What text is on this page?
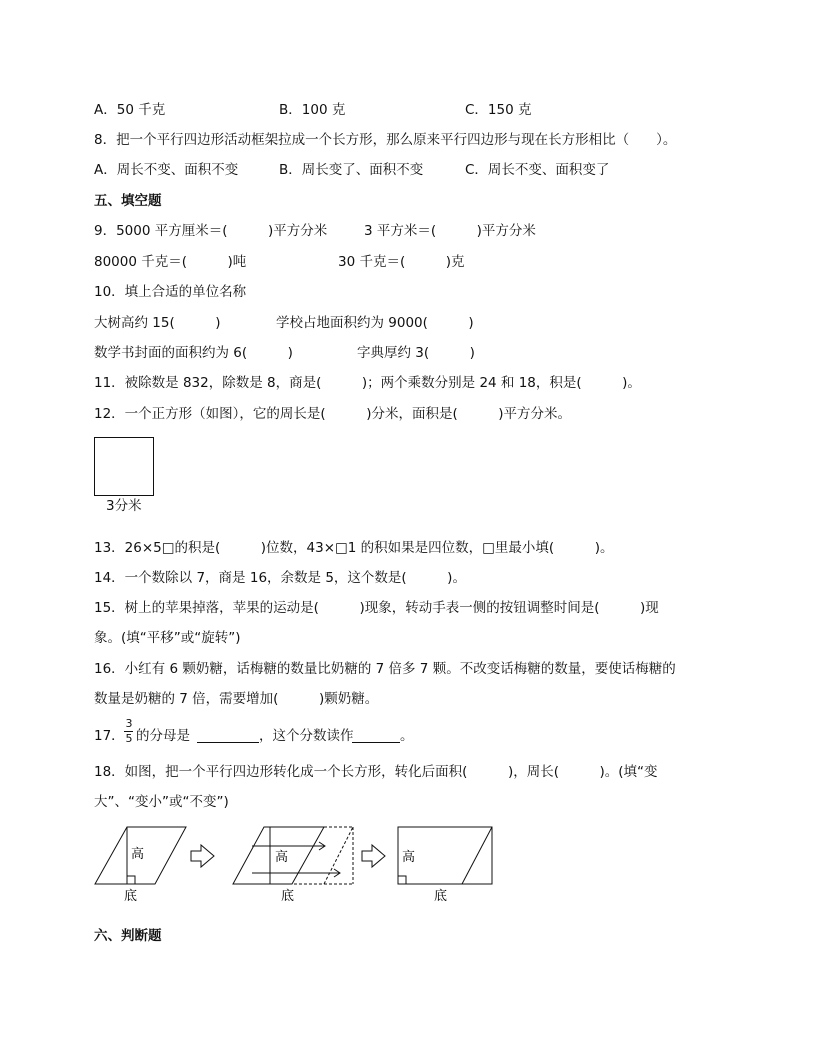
A．50 千克	B．100 克	C．150 克
8．把一个平行四边形活动框架拉成一个长方形，那么原来平行四边形与现在长方形相比（　　）。
A．周长不变、面积不变	B．周长变了、面积不变	C．周长不变、面积变了
五、填空题
9．5000 平方厘米＝(　　　)平方分米	3 平方米＝(　　　)平方分米
80000 千克＝(　　　)吨	30 千克＝(　　　)克
10．填上合适的单位名称
大树高约 15(　　　)	学校占地面积约为 9000(　　　)
数学书封面的面积约为 6(　　　)	字典厚约 3(　　　)
11．被除数是 832，除数是 8，商是(　　　)；两个乘数分别是 24 和 18，积是(　　　)。
12．一个正方形（如图），它的周长是(　　　)分米，面积是(　　　)平方分米。
3分米
13．26×5□的积是(　　　)位数，43×□1 的积如果是四位数，□里最小填(　　　)。
14．一个数除以 7，商是 16，余数是 5，这个数是(　　　)。
15．树上的苹果掉落，苹果的运动是(　　　)现象，转动手表一侧的按钮调整时间是(　　　)现
象。(填“平移”或“旋转”)
16．小红有 6 颗奶糖，话梅糖的数量比奶糖的 7 倍多 7 颗。不改变话梅糖的数量，要使话梅糖的
数量是奶糖的 7 倍，需要增加(　　　)颗奶糖。
17．
3
5 的分母是	，这个分数读作	。
18．如图，把一个平行四边形转化成一个长方形，转化后面积(　　　)，周长(　　　)。(填“变
大”、“变小”或“不变”)
高
底
高
底
高
底
六、判断题
